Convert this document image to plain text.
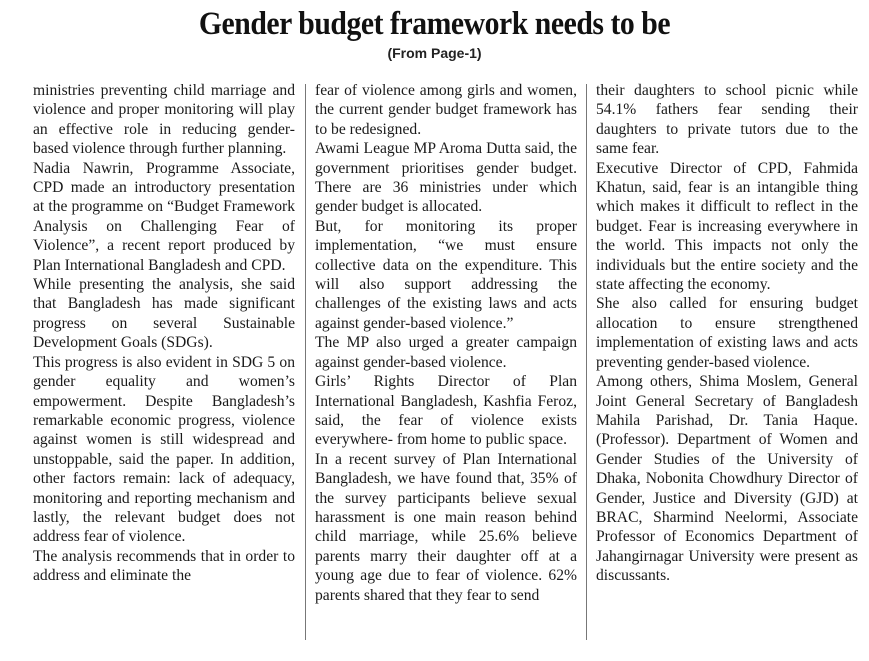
Gender budget framework needs to be
(From Page-1)

ministries preventing child marriage and violence and proper monitoring will play an effective role in reducing gender-based violence through further planning.

Nadia Nawrin, Programme Associate, CPD made an introductory presentation at the programme on “Budget Framework Analysis on Challenging Fear of Violence”, a recent report produced by Plan International Bangladesh and CPD.

While presenting the analysis, she said that Bangladesh has made significant progress on several Sustainable Development Goals (SDGs).

This progress is also evident in SDG 5 on gender equality and women’s empowerment. Despite Bangladesh’s remarkable economic progress, violence against women is still widespread and unstoppable, said the paper. In addition, other factors remain: lack of adequacy, monitoring and reporting mechanism and lastly, the relevant budget does not address fear of violence.

The analysis recommends that in order to address and eliminate the

fear of violence among girls and women, the current gender budget framework has to be redesigned.

Awami League MP Aroma Dutta said, the government prioritises gender budget. There are 36 ministries under which gender budget is allocated.

But, for monitoring its proper implementation, “we must ensure collective data on the expenditure. This will also support addressing the challenges of the existing laws and acts against gender-based violence.”

The MP also urged a greater campaign against gender-based violence.

Girls’ Rights Director of Plan International Bangladesh, Kashfia Feroz, said, the fear of violence exists everywhere- from home to public space.

In a recent survey of Plan International Bangladesh, we have found that, 35% of the survey participants believe sexual harassment is one main reason behind child marriage, while 25.6% believe parents marry their daughter off at a young age due to fear of violence. 62% parents shared that they fear to send

their daughters to school picnic while 54.1% fathers fear sending their daughters to private tutors due to the same fear.

Executive Director of CPD, Fahmida Khatun, said, fear is an intangible thing which makes it difficult to reflect in the budget. Fear is increasing everywhere in the world. This impacts not only the individuals but the entire society and the state affecting the economy.

She also called for ensuring budget allocation to ensure strengthened implementation of existing laws and acts preventing gender-based violence.

Among others, Shima Moslem, General Joint General Secretary of Bangladesh Mahila Parishad, Dr. Tania Haque. (Professor). Department of Women and Gender Studies of the University of Dhaka, Nobonita Chowdhury Director of Gender, Justice and Diversity (GJD) at BRAC, Sharmind Neelormi, Associate Professor of Economics Department of Jahangirnagar University were present as discussants.
